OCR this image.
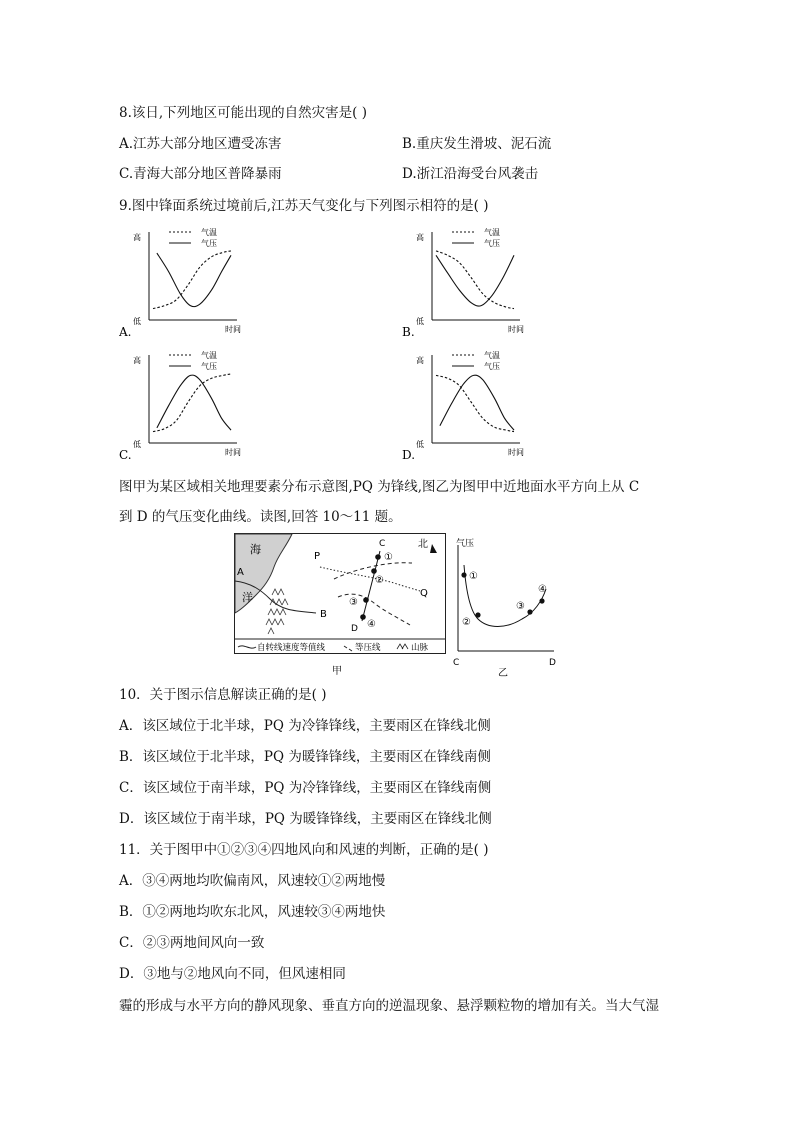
8.该日,下列地区可能出现的自然灾害是( )
A.江苏大部分地区遭受冻害	B.重庆发生滑坡、泥石流
C.青海大部分地区普降暴雨	D.浙江沿海受台风袭击
9.图中锋面系统过境前后,江苏天气变化与下列图示相符的是( )
高
低
时间
气温
气压
A.
高
低
时间
气温
气压
B.
高
低
时间
气温
气压
C.
高
低
时间
气温
气压
D.
图甲为某区域相关地理要素分布示意图,PQ 为锋线,图乙为图甲中近地面水平方向上从 C
到 D 的气压变化曲线。读图,回答 10～11 题。
海
洋
A
B
P
Q
C
D
①
②
③
④
北
自转线速度等值线	等压线	山脉
甲
气压
①
②
③
④
C	D
乙
10．关于图示信息解读正确的是( )
A．该区域位于北半球，PQ 为冷锋锋线，主要雨区在锋线北侧
B．该区域位于北半球，PQ 为暖锋锋线，主要雨区在锋线南侧
C．该区域位于南半球，PQ 为冷锋锋线，主要雨区在锋线南侧
D．该区域位于南半球，PQ 为暖锋锋线，主要雨区在锋线北侧
11．关于图甲中①②③④四地风向和风速的判断，正确的是( )
A．③④两地均吹偏南风，风速较①②两地慢
B．①②两地均吹东北风，风速较③④两地快
C．②③两地间风向一致
D．③地与②地风向不同，但风速相同
霾的形成与水平方向的静风现象、垂直方向的逆温现象、悬浮颗粒物的增加有关。当大气湿
